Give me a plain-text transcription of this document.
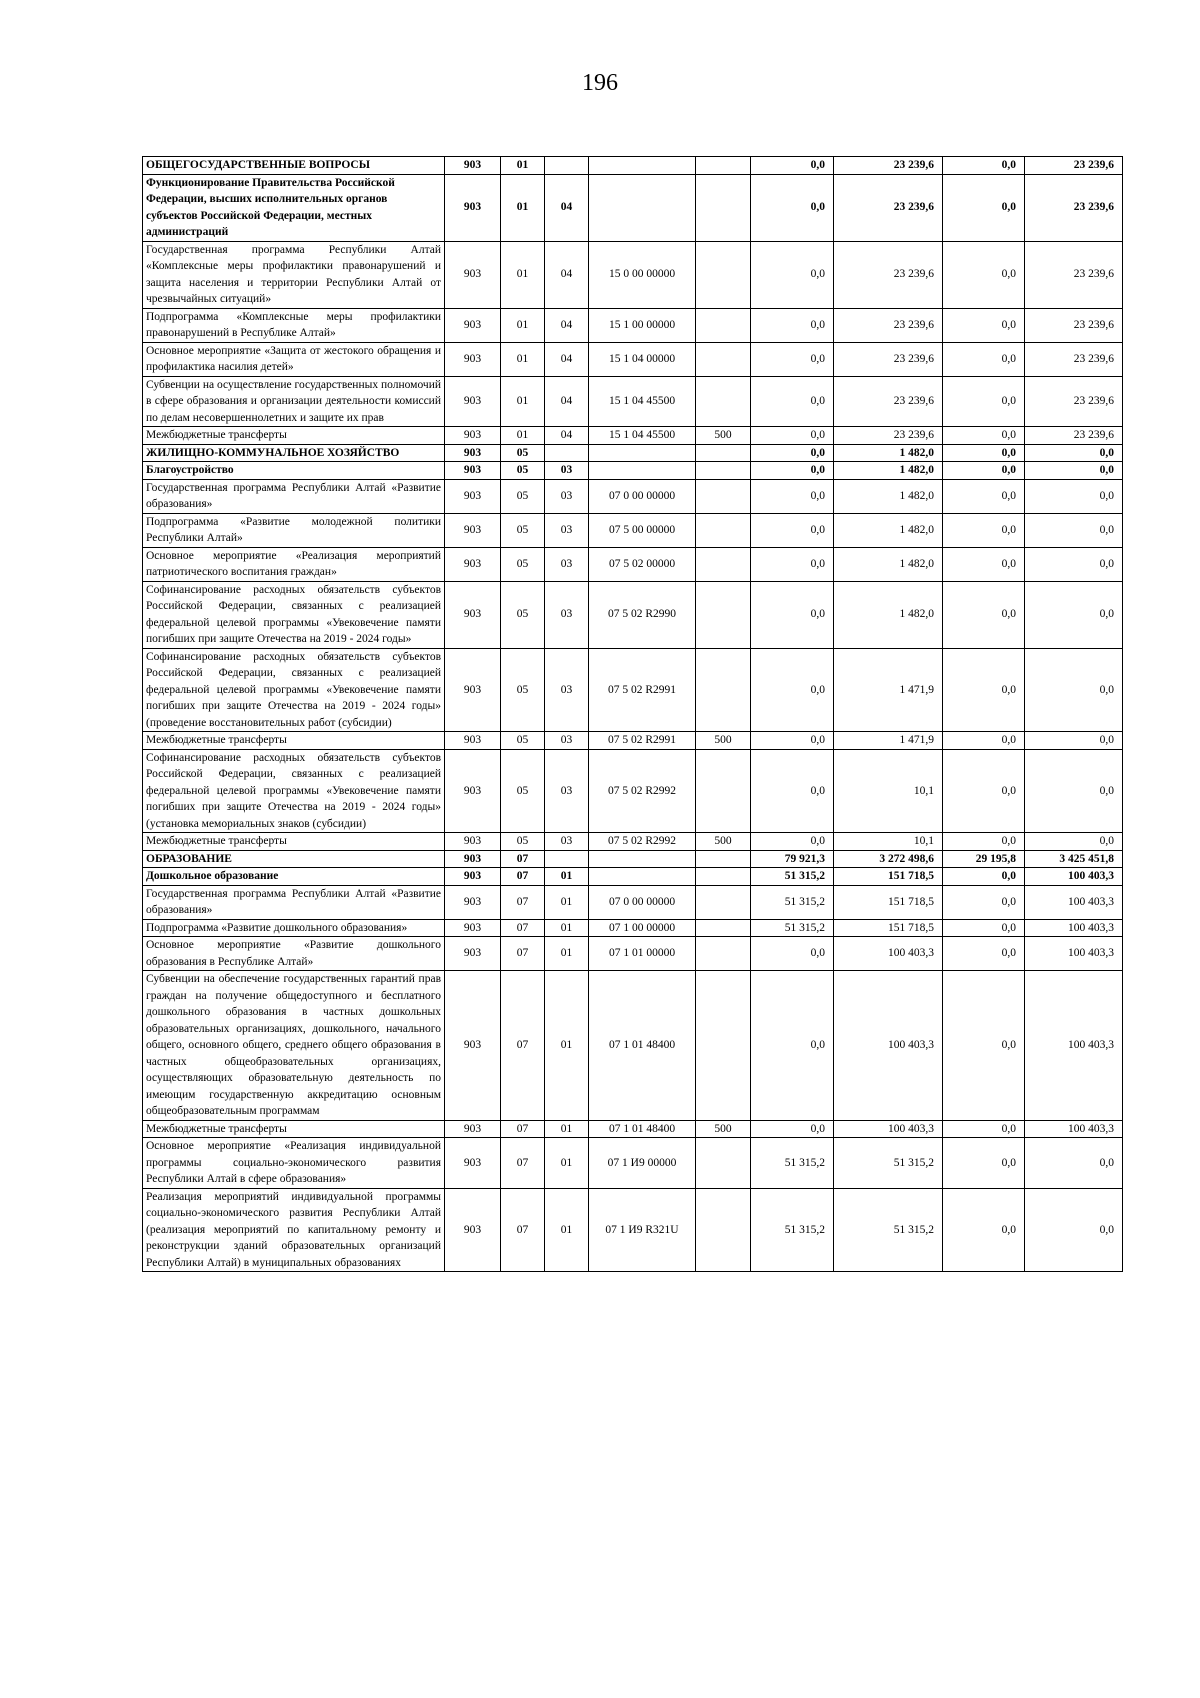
196
ОБЩЕГОСУДАРСТВЕННЫЕ ВОПРОСЫ	903	01				0,0	23 239,6	0,0	23 239,6
Функционирование Правительства Российской Федерации, высших исполнительных органов субъектов Российской Федерации, местных администраций	903	01	04			0,0	23 239,6	0,0	23 239,6
Государственная программа Республики Алтай «Комплексные меры профилактики правонарушений и защита населения и территории Республики Алтай от чрезвычайных ситуаций»	903	01	04	15 0 00 00000		0,0	23 239,6	0,0	23 239,6
Подпрограмма «Комплексные меры профилактики правонарушений в Республике Алтай»	903	01	04	15 1 00 00000		0,0	23 239,6	0,0	23 239,6
Основное мероприятие «Защита от жестокого обращения и профилактика насилия детей»	903	01	04	15 1 04 00000		0,0	23 239,6	0,0	23 239,6
Субвенции на осуществление государственных полномочий в сфере образования и организации деятельности комиссий по делам несовершеннолетних и защите их прав	903	01	04	15 1 04 45500		0,0	23 239,6	0,0	23 239,6
Межбюджетные трансферты	903	01	04	15 1 04 45500	500	0,0	23 239,6	0,0	23 239,6
ЖИЛИЩНО-КОММУНАЛЬНОЕ ХОЗЯЙСТВО	903	05				0,0	1 482,0	0,0	0,0
Благоустройство	903	05	03			0,0	1 482,0	0,0	0,0
Государственная программа Республики Алтай «Развитие образования»	903	05	03	07 0 00 00000		0,0	1 482,0	0,0	0,0
Подпрограмма «Развитие молодежной политики Республики Алтай»	903	05	03	07 5 00 00000		0,0	1 482,0	0,0	0,0
Основное мероприятие «Реализация мероприятий патриотического воспитания граждан»	903	05	03	07 5 02 00000		0,0	1 482,0	0,0	0,0
Софинансирование расходных обязательств субъектов Российской Федерации, связанных с реализацией федеральной целевой программы «Увековечение памяти погибших при защите Отечества на 2019 - 2024 годы»	903	05	03	07 5 02 R2990		0,0	1 482,0	0,0	0,0
Софинансирование расходных обязательств субъектов Российской Федерации, связанных с реализацией федеральной целевой программы «Увековечение памяти погибших при защите Отечества на 2019 - 2024 годы» (проведение восстановительных работ (субсидии)	903	05	03	07 5 02 R2991		0,0	1 471,9	0,0	0,0
Межбюджетные трансферты	903	05	03	07 5 02 R2991	500	0,0	1 471,9	0,0	0,0
Софинансирование расходных обязательств субъектов Российской Федерации, связанных с реализацией федеральной целевой программы «Увековечение памяти погибших при защите Отечества на 2019 - 2024 годы» (установка мемориальных знаков (субсидии)	903	05	03	07 5 02 R2992		0,0	10,1	0,0	0,0
Межбюджетные трансферты	903	05	03	07 5 02 R2992	500	0,0	10,1	0,0	0,0
ОБРАЗОВАНИЕ	903	07				79 921,3	3 272 498,6	29 195,8	3 425 451,8
Дошкольное образование	903	07	01			51 315,2	151 718,5	0,0	100 403,3
Государственная программа Республики Алтай «Развитие образования»	903	07	01	07 0 00 00000		51 315,2	151 718,5	0,0	100 403,3
Подпрограмма «Развитие дошкольного образования»	903	07	01	07 1 00 00000		51 315,2	151 718,5	0,0	100 403,3
Основное мероприятие «Развитие дошкольного образования в Республике Алтай»	903	07	01	07 1 01 00000		0,0	100 403,3	0,0	100 403,3
Субвенции на обеспечение государственных гарантий прав граждан на получение общедоступного и бесплатного дошкольного образования в частных дошкольных образовательных организациях, дошкольного, начального общего, основного общего, среднего общего образования в частных общеобразовательных организациях, осуществляющих образовательную деятельность по имеющим государственную аккредитацию основным общеобразовательным программам	903	07	01	07 1 01 48400		0,0	100 403,3	0,0	100 403,3
Межбюджетные трансферты	903	07	01	07 1 01 48400	500	0,0	100 403,3	0,0	100 403,3
Основное мероприятие «Реализация индивидуальной программы социально-экономического развития Республики Алтай в сфере образования»	903	07	01	07 1 И9 00000		51 315,2	51 315,2	0,0	0,0
Реализация мероприятий индивидуальной программы социально-экономического развития Республики Алтай (реализация мероприятий по капитальному ремонту и реконструкции зданий образовательных организаций Республики Алтай) в муниципальных образованиях	903	07	01	07 1 И9 R321U		51 315,2	51 315,2	0,0	0,0
